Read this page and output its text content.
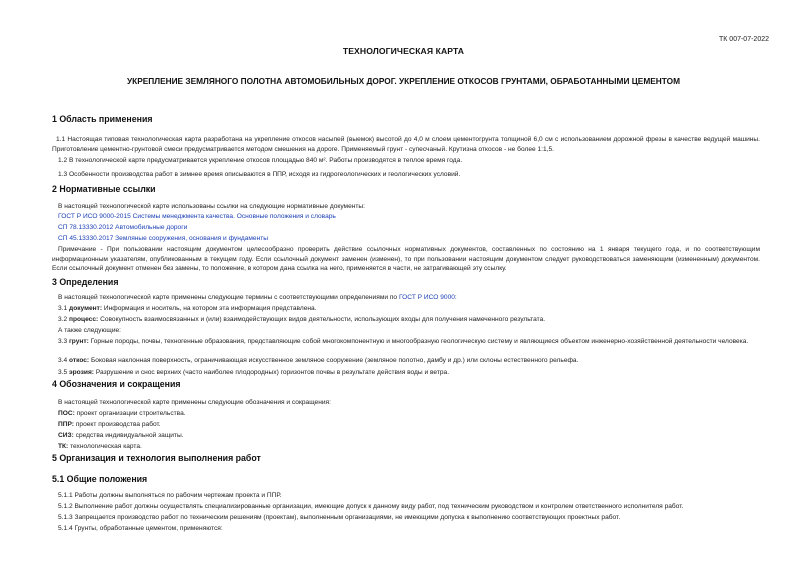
ТК 007-07-2022
ТЕХНОЛОГИЧЕСКАЯ КАРТА
УКРЕПЛЕНИЕ ЗЕМЛЯНОГО ПОЛОТНА АВТОМОБИЛЬНЫХ ДОРОГ. УКРЕПЛЕНИЕ ОТКОСОВ ГРУНТАМИ, ОБРАБОТАННЫМИ ЦЕМЕНТОМ
1 Область применения
1.1 Настоящая типовая технологическая карта разработана на укрепление откосов насыпей (выемок) высотой до 4,0 м слоем цементогрунта толщиной 6,0 см с использованием дорожной фрезы в качестве ведущей машины. Приготовление цементно-грунтовой смеси предусматривается методом смешения на дороге. Применяемый грунт - супесчаный. Крутизна откосов - не более 1:1,5.
1.2 В технологической карте предусматривается укрепление откосов площадью 840 м². Работы производятся в теплое время года.
1.3 Особенности производства работ в зимнее время описываются в ППР, исходя из гидрогеологических и геологических условий.
2 Нормативные ссылки
В настоящей технологической карте использованы ссылки на следующие нормативные документы:
ГОСТ Р ИСО 9000-2015 Системы менеджмента качества. Основные положения и словарь
СП 78.13330.2012 Автомобильные дороги
СП 45.13330.2017 Земляные сооружения, основания и фундаменты
Примечание - При пользовании настоящим документом целесообразно проверить действие ссылочных нормативных документов, составленных по состоянию на 1 января текущего года, и по соответствующим информационным указателям, опубликованным в текущем году. Если ссылочный документ заменен (изменен), то при пользовании настоящим документом следует руководствоваться заменяющим (измененным) документом. Если ссылочный документ отменен без замены, то положение, в котором дана ссылка на него, применяется в части, не затрагивающей эту ссылку.
3 Определения
В настоящей технологической карте применены следующие термины с соответствующими определениями по ГОСТ Р ИСО 9000:
3.1 документ: Информация и носитель, на котором эта информация представлена.
3.2 процесс: Совокупность взаимосвязанных и (или) взаимодействующих видов деятельности, использующих входы для получения намеченного результата.
А также следующие:
3.3 грунт: Горные породы, почвы, техногенные образования, представляющие собой многокомпонентную и многообразную геологическую систему и являющиеся объектом инженерно-хозяйственной деятельности человека.
3.4 откос: Боковая наклонная поверхность, ограничивающая искусственное земляное сооружение (земляное полотно, дамбу и др.) или склоны естественного рельефа.
3.5 эрозия: Разрушение и снос верхних (часто наиболее плодородных) горизонтов почвы в результате действия воды и ветра.
4 Обозначения и сокращения
В настоящей технологической карте применены следующие обозначения и сокращения:
ПОС: проект организации строительства.
ППР: проект производства работ.
СИЗ: средства индивидуальной защиты.
ТК: технологическая карта.
5 Организация и технология выполнения работ
5.1 Общие положения
5.1.1 Работы должны выполняться по рабочим чертежам проекта и ППР.
5.1.2 Выполнение работ должны осуществлять специализированные организации, имеющие допуск к данному виду работ, под техническим руководством и контролем ответственного исполнителя работ.
5.1.3 Запрещается производство работ по техническим решениям (проектам), выполненным организациями, не имеющими допуска к выполнению соответствующих проектных работ.
5.1.4 Грунты, обработанные цементом, применяются:
